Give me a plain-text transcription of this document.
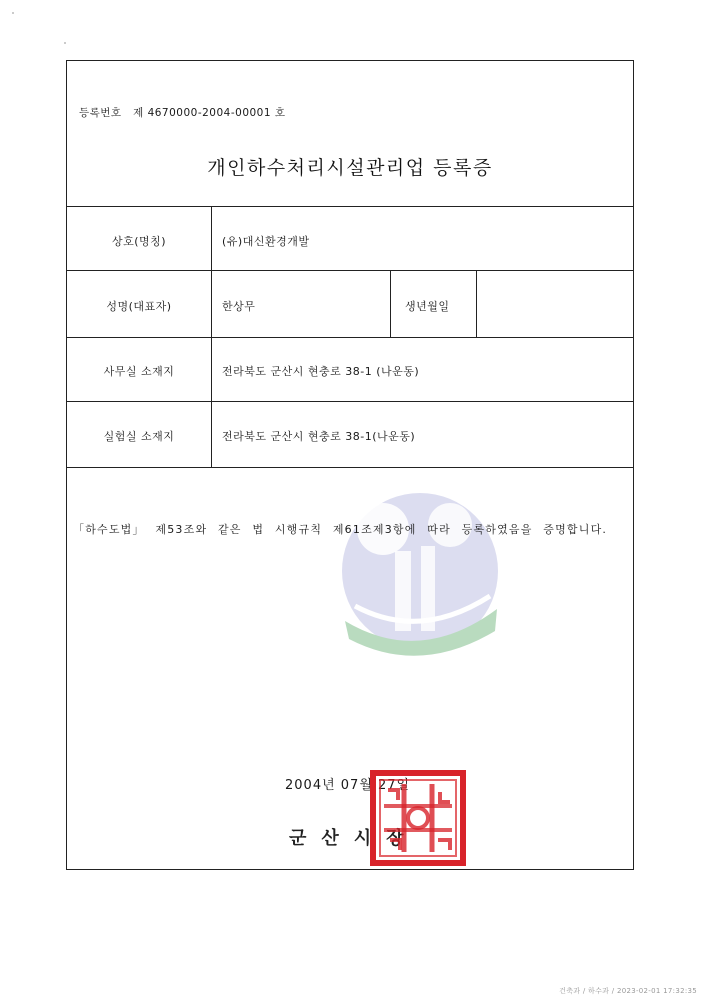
등록번호 제 4670000-2004-00001 호
개인하수처리시설관리업 등록증
상호(명칭)	(유)대신환경개발
성명(대표자)	한상무	생년월일
사무실 소재지	전라북도 군산시 현충로 38-1 (나운동)
실험실 소재지	전라북도 군산시 현충로 38-1(나운동)
「하수도법」 제53조와 같은 법 시행규칙 제61조제3항에 따라 등록하였음을 증명합니다.
2004년 07월 27일
군산시장
건축과 / 하수과 / 2023-02-01 17:32:35
